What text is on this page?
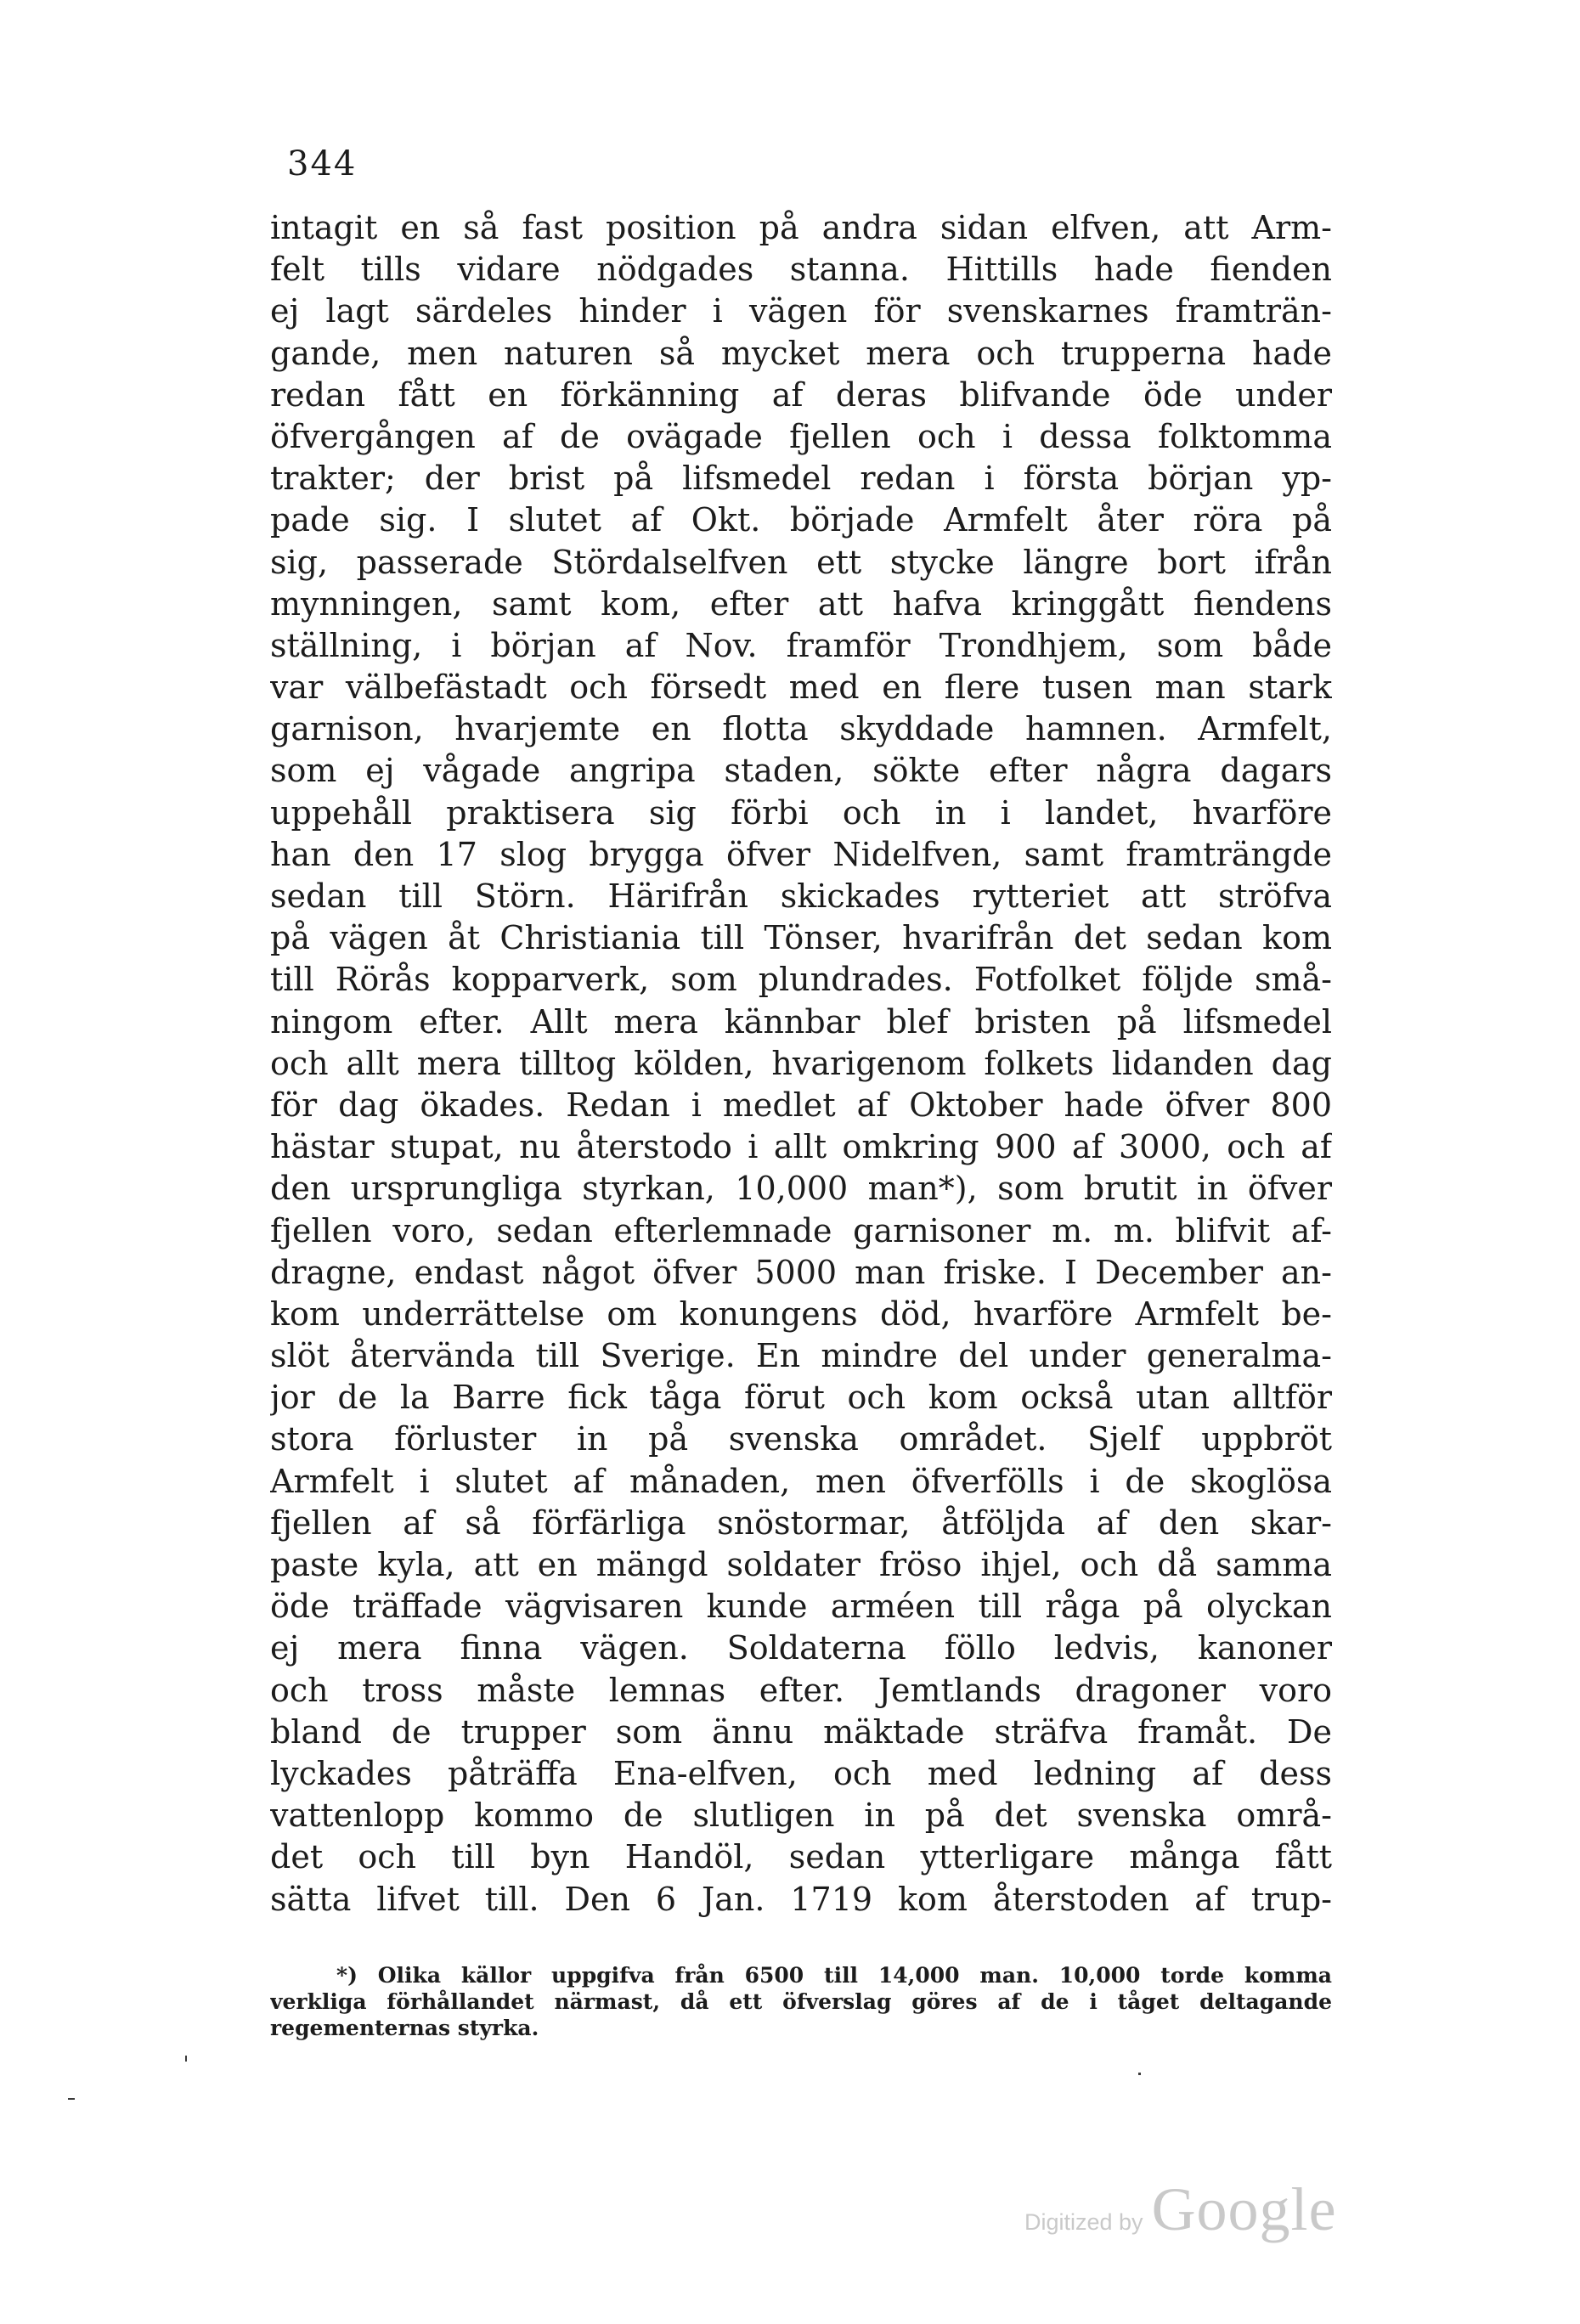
344
intagit en så fast position på andra sidan elfven, att Arm-
felt tills vidare nödgades stanna. Hittills hade fienden
ej lagt särdeles hinder i vägen för svenskarnes framträn-
gande, men naturen så mycket mera och trupperna hade
redan fått en förkänning af deras blifvande öde under
öfvergången af de ovägade fjellen och i dessa folktomma
trakter; der brist på lifsmedel redan i första början yp-
pade sig. I slutet af Okt. började Armfelt åter röra på
sig, passerade Stördalselfven ett stycke längre bort ifrån
mynningen, samt kom, efter att hafva kringgått fiendens
ställning, i början af Nov. framför Trondhjem, som både
var välbefästadt och försedt med en flere tusen man stark
garnison, hvarjemte en flotta skyddade hamnen. Armfelt,
som ej vågade angripa staden, sökte efter några dagars
uppehåll praktisera sig förbi och in i landet, hvarföre
han den 17 slog brygga öfver Nidelfven, samt framträngde
sedan till Störn. Härifrån skickades rytteriet att ströfva
på vägen åt Christiania till Tönser, hvarifrån det sedan kom
till Rörås kopparverk, som plundrades. Fotfolket följde små-
ningom efter. Allt mera kännbar blef bristen på lifsmedel
och allt mera tilltog kölden, hvarigenom folkets lidanden dag
för dag ökades. Redan i medlet af Oktober hade öfver 800
hästar stupat, nu återstodo i allt omkring 900 af 3000, och af
den ursprungliga styrkan, 10,000 man*), som brutit in öfver
fjellen voro, sedan efterlemnade garnisoner m. m. blifvit af-
dragne, endast något öfver 5000 man friske. I December an-
kom underrättelse om konungens död, hvarföre Armfelt be-
slöt återvända till Sverige. En mindre del under generalma-
jor de la Barre fick tåga förut och kom också utan alltför
stora förluster in på svenska området. Sjelf uppbröt
Armfelt i slutet af månaden, men öfverfölls i de skoglösa
fjellen af så förfärliga snöstormar, åtföljda af den skar-
paste kyla, att en mängd soldater fröso ihjel, och då samma
öde träffade vägvisaren kunde arméen till råga på olyckan
ej mera finna vägen. Soldaterna föllo ledvis, kanoner
och tross måste lemnas efter. Jemtlands dragoner voro
bland de trupper som ännu mäktade sträfva framåt. De
lyckades påträffa Ena-elfven, och med ledning af dess
vattenlopp kommo de slutligen in på det svenska områ-
det och till byn Handöl, sedan ytterligare många fått
sätta lifvet till. Den 6 Jan. 1719 kom återstoden af trup-
*) Olika källor uppgifva från 6500 till 14,000 man. 10,000 torde komma
verkliga förhållandet närmast, då ett öfverslag göres af de i tåget deltagande
regementernas styrka.
Digitized by Google
